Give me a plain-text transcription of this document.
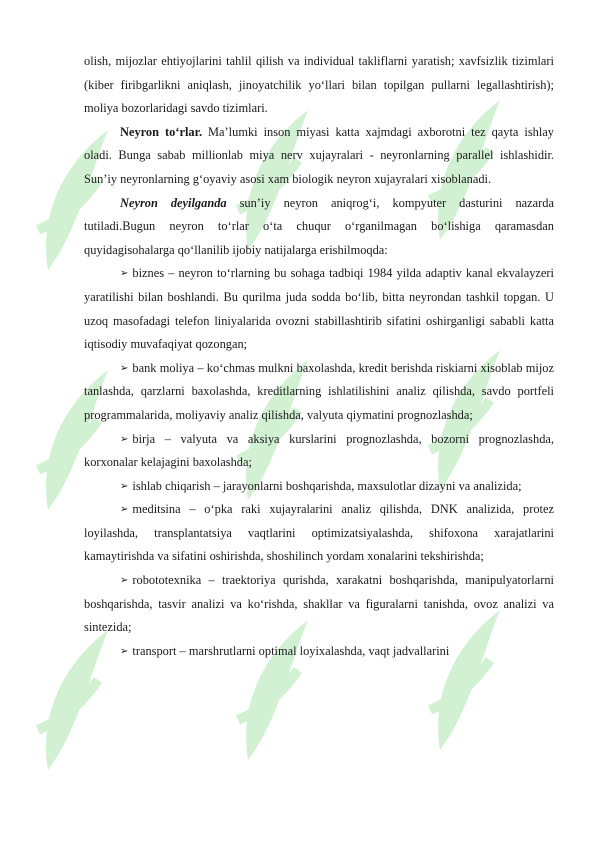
olish, mijozlar ehtiyojlarini tahlil qilish va individual takliflarni yaratish; xavfsizlik tizimlari (kiber firibgarlikni aniqlash, jinoyatchilik yo‘llari bilan topilgan pullarni legallashtirish); moliya bozorlaridagi savdo tizimlari.

Neyron to‘rlar. Ma’lumki inson miyasi katta xajmdagi axborotni tez qayta ishlay oladi. Bunga sabab millionlab miya nerv xujayralari - neyronlarning parallel ishlashidir. Sun’iy neyronlarning g‘oyaviy asosi xam biologik neyron xujayralari xisoblanadi.

Neyron deyilganda sun’iy neyron aniqrog‘i, kompyuter dasturini nazarda tutiladi.Bugun neyron to‘rlar o‘ta chuqur o‘rganilmagan bo‘lishiga qaramasdan quyidagisohalarga qo‘llanilib ijobiy natijalarga erishilmoqda:

➢ biznes – neyron to‘rlarning bu sohaga tadbiqi 1984 yilda adaptiv kanal ekvalayzeri yaratilishi bilan boshlandi. Bu qurilma juda sodda bo‘lib, bitta neyrondan tashkil topgan. U uzoq masofadagi telefon liniyalarida ovozni stabillashtirib sifatini oshirganligi sababli katta iqtisodiy muvafaqiyat qozongan;

➢ bank moliya – ko‘chmas mulkni baxolashda, kredit berishda riskiarni xisoblab mijoz tanlashda, qarzlarni baxolashda, kreditlarning ishlatilishini analiz qilishda, savdo portfeli programmalarida, moliyaviy analiz qilishda, valyuta qiymatini prognozlashda;

➢ birja – valyuta va aksiya kurslarini prognozlashda, bozorni prognozlashda, korxonalar kelajagini baxolashda;

➢ ishlab chiqarish – jarayonlarni boshqarishda, maxsulotlar dizayni va analizida;

➢ meditsina – o‘pka raki xujayralarini analiz qilishda, DNK analizida, protez loyilashda, transplantatsiya vaqtlarini optimizatsiyalashda, shifoxona xarajatlarini kamaytirishda va sifatini oshirishda, shoshilinch yordam xonalarini tekshirishda;

➢ robototexnika – traektoriya qurishda, xarakatni boshqarishda, manipulyatorlarni boshqarishda, tasvir analizi va ko‘rishda, shakllar va figuralarni tanishda, ovoz analizi va sintezida;

➢ transport – marshrutlarni optimal loyixalashda, vaqt jadvallarini
